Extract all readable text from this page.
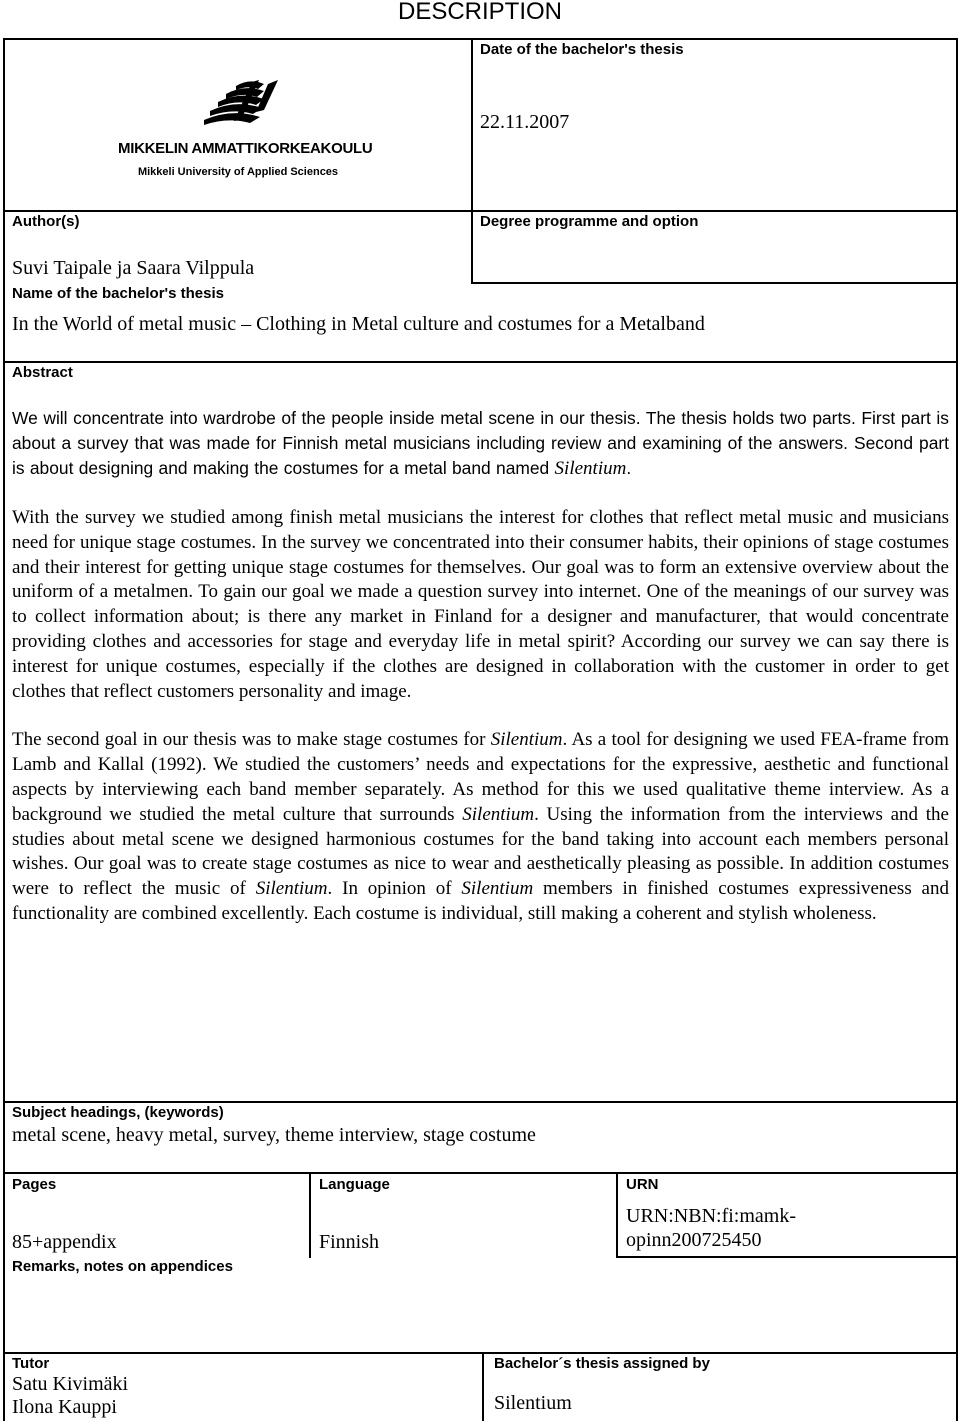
DESCRIPTION
MIKKELIN AMMATTIKORKEAKOULU
Mikkeli University of Applied Sciences
Date of the bachelor's thesis
22.11.2007
Author(s)
Suvi Taipale ja Saara Vilppula
Degree programme and option
Name of the bachelor's thesis
In the World of metal music – Clothing in Metal culture and costumes for a Metalband
Abstract

We will concentrate into wardrobe of the people inside metal scene in our thesis. The thesis holds two parts. First part is about a survey that was made for Finnish metal musicians including review and examining of the answers. Second part is about designing and making the costumes for a metal band named Silentium.

With the survey we studied among finish metal musicians the interest for clothes that reflect metal music and musicians need for unique stage costumes. In the survey we concentrated into their consumer habits, their opinions of stage costumes and their interest for getting unique stage costumes for themselves. Our goal was to form an extensive overview about the uniform of a metalmen. To gain our goal we made a question survey into internet. One of the meanings of our survey was to collect information about; is there any market in Finland for a designer and manufacturer, that would concentrate providing clothes and accessories for stage and everyday life in metal spirit? According our survey we can say there is interest for unique costumes, especially if the clothes are designed in collaboration with the customer in order to get clothes that reflect customers personality and image.

The second goal in our thesis was to make stage costumes for Silentium. As a tool for designing we used FEA-frame from Lamb and Kallal (1992). We studied the customers’ needs and expectations for the expressive, aesthetic and functional aspects by interviewing each band member separately. As method for this we used qualitative theme interview. As a background we studied the metal culture that surrounds Silentium. Using the information from the interviews and the studies about metal scene we designed harmonious costumes for the band taking into account each members personal wishes. Our goal was to create stage costumes as nice to wear and aesthetically pleasing as possible. In addition costumes were to reflect the music of Silentium. In opinion of Silentium members in finished costumes expressiveness and functionality are combined excellently. Each costume is individual, still making a coherent and stylish wholeness.

Subject headings, (keywords)
metal scene, heavy metal, survey, theme interview, stage costume
Pages
85+appendix
Language
Finnish
URN
URN:NBN:fi:mamk-
opinn200725450
Remarks, notes on appendices
Tutor
Satu Kivimäki
Ilona Kauppi
Bachelor´s thesis assigned by
Silentium
